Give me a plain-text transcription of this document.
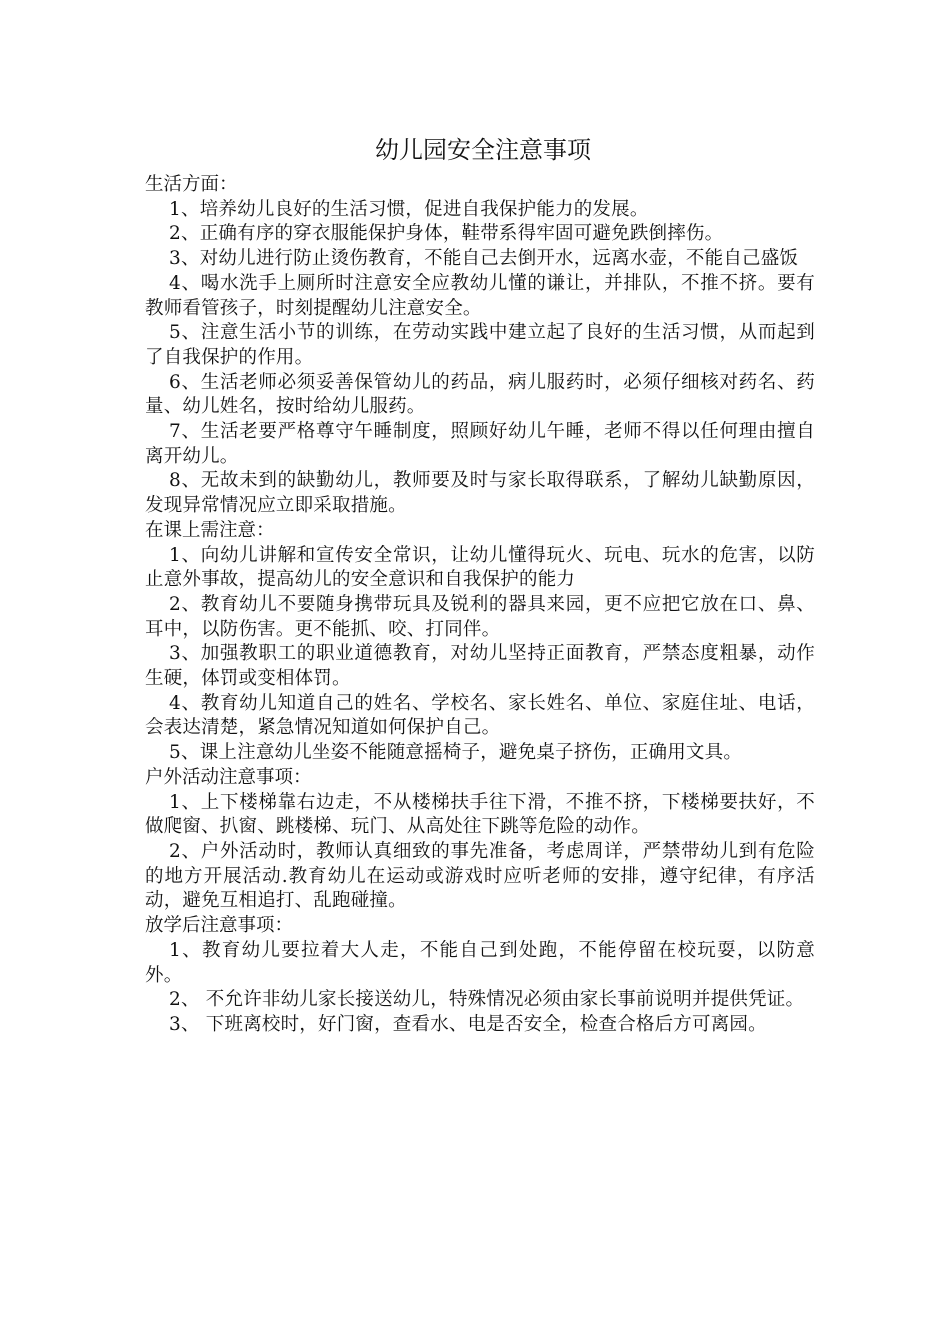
幼儿园安全注意事项

生活方面：

1、培养幼儿良好的生活习惯，促进自我保护能力的发展。

2、正确有序的穿衣服能保护身体，鞋带系得牢固可避免跌倒摔伤。

3、对幼儿进行防止烫伤教育，不能自己去倒开水，远离水壶，不能自己盛饭

4、喝水洗手上厕所时注意安全应教幼儿懂的谦让，并排队，不推不挤。要有教师看管孩子，时刻提醒幼儿注意安全。

5、注意生活小节的训练，在劳动实践中建立起了良好的生活习惯，从而起到了自我保护的作用。

6、生活老师必须妥善保管幼儿的药品，病儿服药时，必须仔细核对药名、药量、幼儿姓名，按时给幼儿服药。

7、生活老要严格尊守午睡制度，照顾好幼儿午睡，老师不得以任何理由擅自离开幼儿。

8、无故未到的缺勤幼儿，教师要及时与家长取得联系，了解幼儿缺勤原因，发现异常情况应立即采取措施。

在课上需注意：

1、向幼儿讲解和宣传安全常识，让幼儿懂得玩火、玩电、玩水的危害，以防止意外事故，提高幼儿的安全意识和自我保护的能力

2、教育幼儿不要随身携带玩具及锐利的器具来园，更不应把它放在口、鼻、耳中，以防伤害。更不能抓、咬、打同伴。

3、加强教职工的职业道德教育，对幼儿坚持正面教育，严禁态度粗暴，动作 生硬，体罚或变相体罚。

4、教育幼儿知道自己的姓名、学校名、家长姓名、单位、家庭住址、电话，会表达清楚，紧急情况知道如何保护自己。

5、课上注意幼儿坐姿不能随意摇椅子，避免桌子挤伤，正确用文具。

户外活动注意事项：

1、上下楼梯靠右边走，不从楼梯扶手往下滑，不推不挤，下楼梯要扶好，不做爬窗、扒窗、跳楼梯、玩门、从高处往下跳等危险的动作。

2、户外活动时，教师认真细致的事先准备，考虑周详，严禁带幼儿到有危险的地方开展活动.教育幼儿在运动或游戏时应听老师的安排，遵守纪律，有序活动，避免互相追打、乱跑碰撞。

放学后注意事项：

1、教育幼儿要拉着大人走，不能自己到处跑，不能停留在校玩耍，以防意外。

2、 不允许非幼儿家长接送幼儿，特殊情况必须由家长事前说明并提供凭证。

3、 下班离校时，好门窗，查看水、电是否安全，检查合格后方可离园。
